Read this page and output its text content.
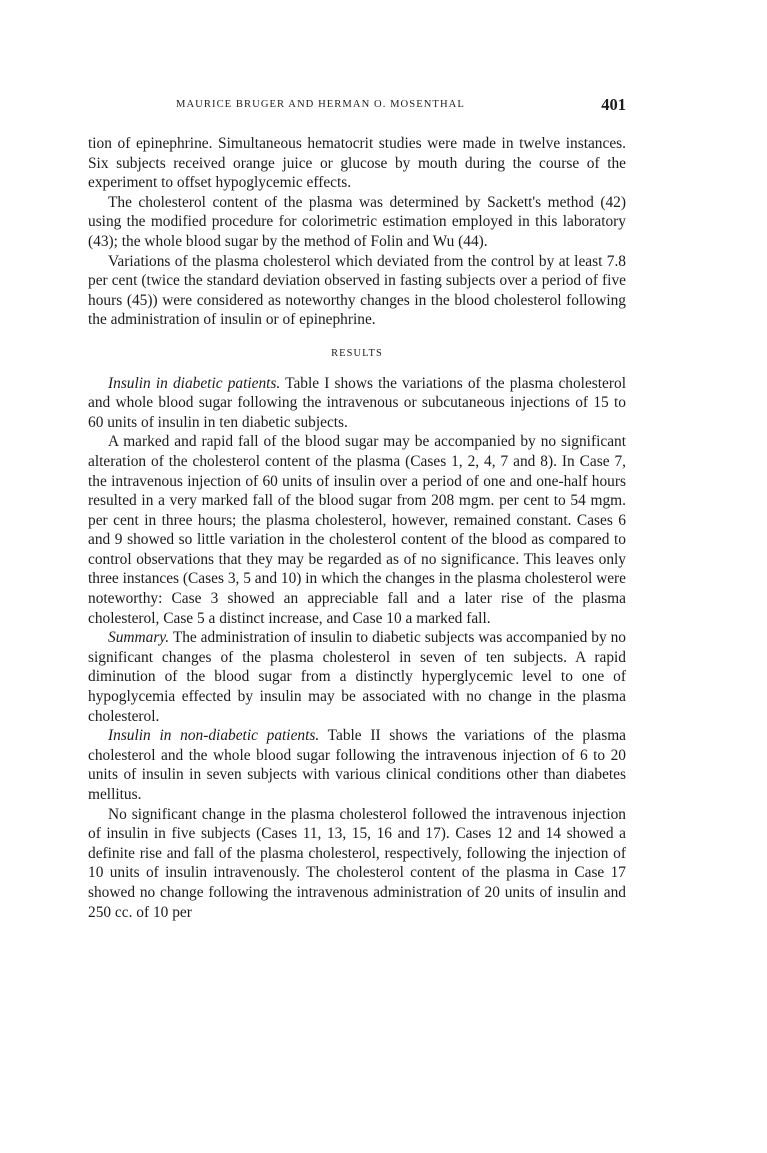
MAURICE BRUGER AND HERMAN O. MOSENTHAL	401

tion of epinephrine. Simultaneous hematocrit studies were made in twelve instances. Six subjects received orange juice or glucose by mouth during the course of the experiment to offset hypoglycemic effects.

The cholesterol content of the plasma was determined by Sackett's method (42) using the modified procedure for colorimetric estimation employed in this laboratory (43); the whole blood sugar by the method of Folin and Wu (44).

Variations of the plasma cholesterol which deviated from the control by at least 7.8 per cent (twice the standard deviation observed in fasting subjects over a period of five hours (45)) were considered as noteworthy changes in the blood cholesterol following the administration of insulin or of epinephrine.

RESULTS

Insulin in diabetic patients. Table I shows the variations of the plasma cholesterol and whole blood sugar following the intravenous or subcutaneous injections of 15 to 60 units of insulin in ten diabetic subjects.

A marked and rapid fall of the blood sugar may be accompanied by no significant alteration of the cholesterol content of the plasma (Cases 1, 2, 4, 7 and 8). In Case 7, the intravenous injection of 60 units of insulin over a period of one and one-half hours resulted in a very marked fall of the blood sugar from 208 mgm. per cent to 54 mgm. per cent in three hours; the plasma cholesterol, however, remained constant. Cases 6 and 9 showed so little variation in the cholesterol content of the blood as compared to control observations that they may be regarded as of no significance. This leaves only three instances (Cases 3, 5 and 10) in which the changes in the plasma cholesterol were noteworthy: Case 3 showed an appreciable fall and a later rise of the plasma cholesterol, Case 5 a distinct increase, and Case 10 a marked fall.

Summary. The administration of insulin to diabetic subjects was accompanied by no significant changes of the plasma cholesterol in seven of ten subjects. A rapid diminution of the blood sugar from a distinctly hyperglycemic level to one of hypoglycemia effected by insulin may be associated with no change in the plasma cholesterol.

Insulin in non-diabetic patients. Table II shows the variations of the plasma cholesterol and the whole blood sugar following the intravenous injection of 6 to 20 units of insulin in seven subjects with various clinical conditions other than diabetes mellitus.

No significant change in the plasma cholesterol followed the intravenous injection of insulin in five subjects (Cases 11, 13, 15, 16 and 17). Cases 12 and 14 showed a definite rise and fall of the plasma cholesterol, respectively, following the injection of 10 units of insulin intravenously. The cholesterol content of the plasma in Case 17 showed no change following the intravenous administration of 20 units of insulin and 250 cc. of 10 per
